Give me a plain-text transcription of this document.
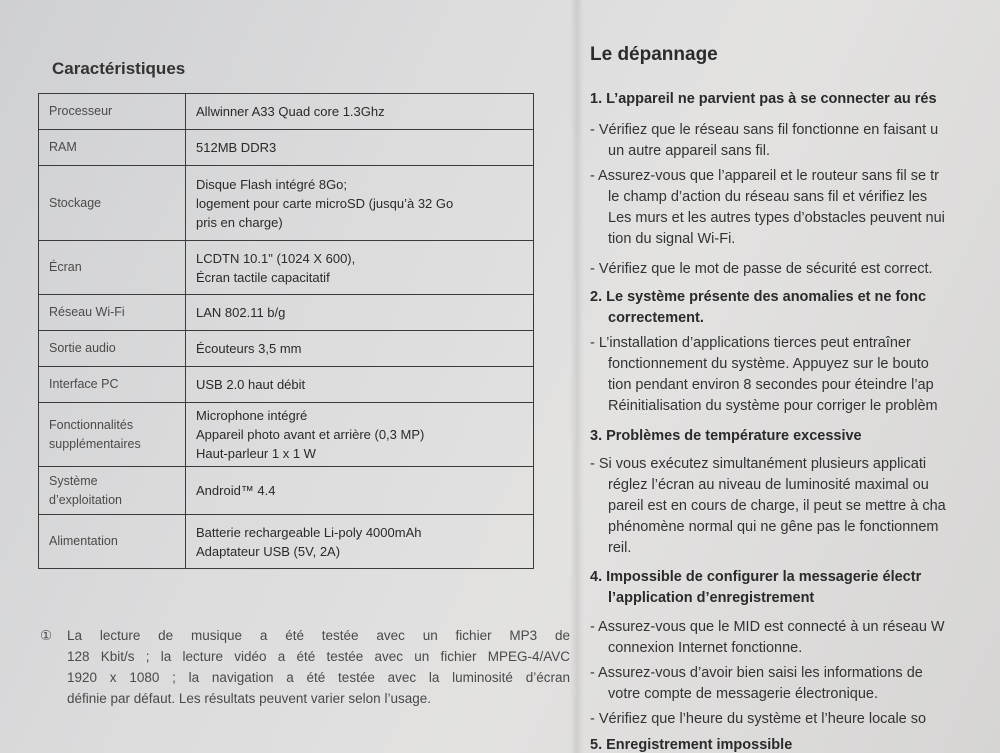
Caractéristiques
Processeur	Allwinner A33 Quad core 1.3Ghz

RAM	512MB DDR3

Stockage	Disque Flash intégré 8Go;
logement pour carte microSD (jusqu’à 32 Go
pris en charge)

Écran	LCDTN 10.1" (1024 X 600),
Écran tactile capacitatif

Réseau Wi-Fi	LAN 802.11 b/g

Sortie audio	Écouteurs 3,5 mm

Interface PC	USB 2.0 haut débit

Fonctionnalités
supplémentaires	Microphone intégré
Appareil photo avant et arrière (0,3 MP)
Haut-parleur 1 x 1 W

Système
d’exploitation	Android™ 4.4

Alimentation	Batterie rechargeable Li-poly 4000mAh
Adaptateur USB (5V, 2A)
① La lecture de musique a été testée avec un fichier MP3 de
128 Kbit/s ; la lecture vidéo a été testée avec un fichier MPEG-4/AVC
1920 x 1080 ; la navigation a été testée avec la luminosité d’écran
définie par défaut. Les résultats peuvent varier selon l’usage.
Le dépannage
1. L’appareil ne parvient pas à se connecter au rés
- Vérifiez que le réseau sans fil fonctionne en faisant u
un autre appareil sans fil.
- Assurez-vous que l’appareil et le routeur sans fil se tr
le champ d’action du réseau sans fil et vérifiez les
Les murs et les autres types d’obstacles peuvent nui
tion du signal Wi-Fi.
- Vérifiez que le mot de passe de sécurité est correct.
2. Le système présente des anomalies et ne fonc
correctement.
- L’installation d’applications tierces peut entraîner
fonctionnement du système. Appuyez sur le bouto
tion pendant environ 8 secondes pour éteindre l’ap
Réinitialisation du système pour corriger le problèm
3. Problèmes de température excessive
- Si vous exécutez simultanément plusieurs applicati
réglez l’écran au niveau de luminosité maximal ou
pareil est en cours de charge, il peut se mettre à cha
phénomène normal qui ne gêne pas le fonctionnem
reil.
4. Impossible de configurer la messagerie électr
l’application d’enregistrement
- Assurez-vous que le MID est connecté à un réseau W
connexion Internet fonctionne.
- Assurez-vous d’avoir bien saisi les informations de
votre compte de messagerie électronique.
- Vérifiez que l’heure du système et l’heure locale so
5. Enregistrement impossible
